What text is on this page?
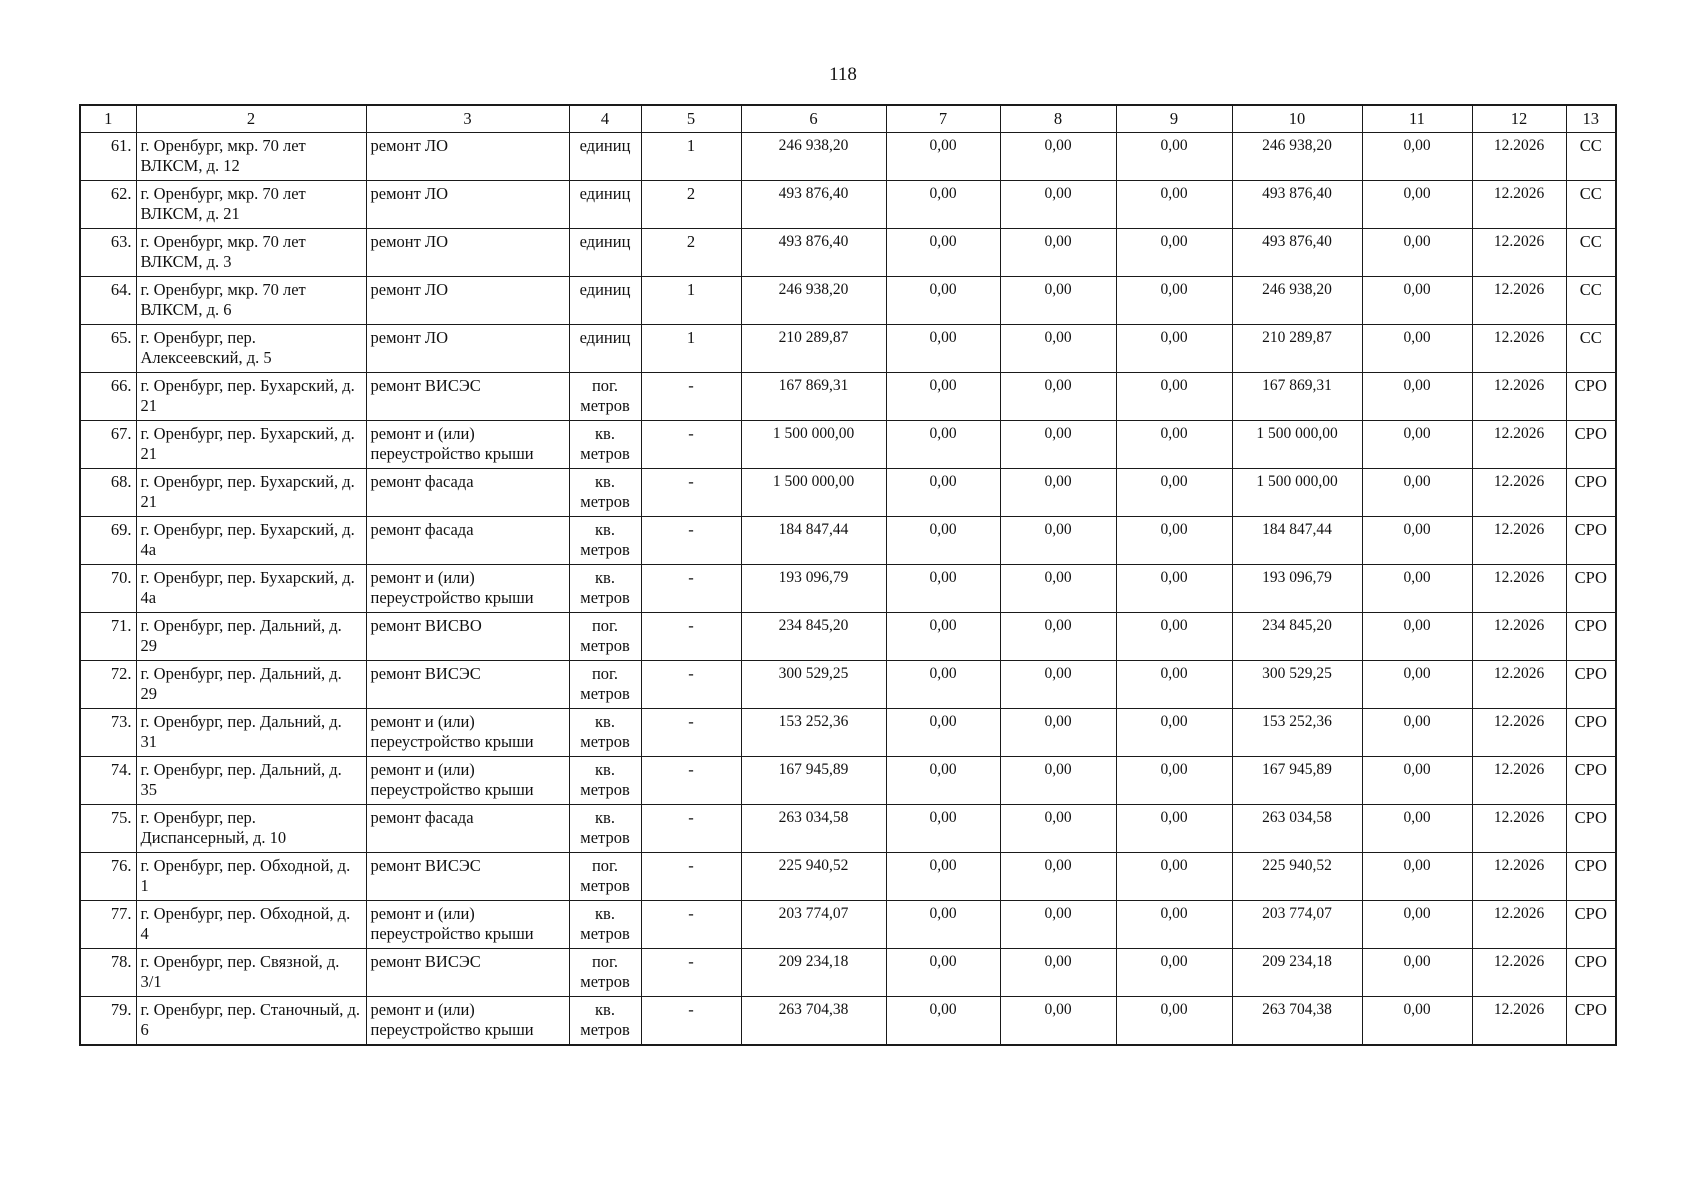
118
1	2	3	4	5	6	7	8	9	10	11	12	13
61.	г. Оренбург, мкр. 70 лет ВЛКСМ, д. 12	ремонт ЛО	единиц	1	246 938,20	0,00	0,00	0,00	246 938,20	0,00	12.2026	СС
62.	г. Оренбург, мкр. 70 лет ВЛКСМ, д. 21	ремонт ЛО	единиц	2	493 876,40	0,00	0,00	0,00	493 876,40	0,00	12.2026	СС
63.	г. Оренбург, мкр. 70 лет ВЛКСМ, д. 3	ремонт ЛО	единиц	2	493 876,40	0,00	0,00	0,00	493 876,40	0,00	12.2026	СС
64.	г. Оренбург, мкр. 70 лет ВЛКСМ, д. 6	ремонт ЛО	единиц	1	246 938,20	0,00	0,00	0,00	246 938,20	0,00	12.2026	СС
65.	г. Оренбург, пер. Алексеевский, д. 5	ремонт ЛО	единиц	1	210 289,87	0,00	0,00	0,00	210 289,87	0,00	12.2026	СС
66.	г. Оренбург, пер. Бухарский, д. 21	ремонт ВИСЭС	пог. метров	-	167 869,31	0,00	0,00	0,00	167 869,31	0,00	12.2026	СРО
67.	г. Оренбург, пер. Бухарский, д. 21	ремонт и (или) переустройство крыши	кв. метров	-	1 500 000,00	0,00	0,00	0,00	1 500 000,00	0,00	12.2026	СРО
68.	г. Оренбург, пер. Бухарский, д. 21	ремонт фасада	кв. метров	-	1 500 000,00	0,00	0,00	0,00	1 500 000,00	0,00	12.2026	СРО
69.	г. Оренбург, пер. Бухарский, д. 4а	ремонт фасада	кв. метров	-	184 847,44	0,00	0,00	0,00	184 847,44	0,00	12.2026	СРО
70.	г. Оренбург, пер. Бухарский, д. 4а	ремонт и (или) переустройство крыши	кв. метров	-	193 096,79	0,00	0,00	0,00	193 096,79	0,00	12.2026	СРО
71.	г. Оренбург, пер. Дальний, д. 29	ремонт ВИСВО	пог. метров	-	234 845,20	0,00	0,00	0,00	234 845,20	0,00	12.2026	СРО
72.	г. Оренбург, пер. Дальний, д. 29	ремонт ВИСЭС	пог. метров	-	300 529,25	0,00	0,00	0,00	300 529,25	0,00	12.2026	СРО
73.	г. Оренбург, пер. Дальний, д. 31	ремонт и (или) переустройство крыши	кв. метров	-	153 252,36	0,00	0,00	0,00	153 252,36	0,00	12.2026	СРО
74.	г. Оренбург, пер. Дальний, д. 35	ремонт и (или) переустройство крыши	кв. метров	-	167 945,89	0,00	0,00	0,00	167 945,89	0,00	12.2026	СРО
75.	г. Оренбург, пер. Диспансерный, д. 10	ремонт фасада	кв. метров	-	263 034,58	0,00	0,00	0,00	263 034,58	0,00	12.2026	СРО
76.	г. Оренбург, пер. Обходной, д. 1	ремонт ВИСЭС	пог. метров	-	225 940,52	0,00	0,00	0,00	225 940,52	0,00	12.2026	СРО
77.	г. Оренбург, пер. Обходной, д. 4	ремонт и (или) переустройство крыши	кв. метров	-	203 774,07	0,00	0,00	0,00	203 774,07	0,00	12.2026	СРО
78.	г. Оренбург, пер. Связной, д. 3/1	ремонт ВИСЭС	пог. метров	-	209 234,18	0,00	0,00	0,00	209 234,18	0,00	12.2026	СРО
79.	г. Оренбург, пер. Станочный, д. 6	ремонт и (или) переустройство крыши	кв. метров	-	263 704,38	0,00	0,00	0,00	263 704,38	0,00	12.2026	СРО
